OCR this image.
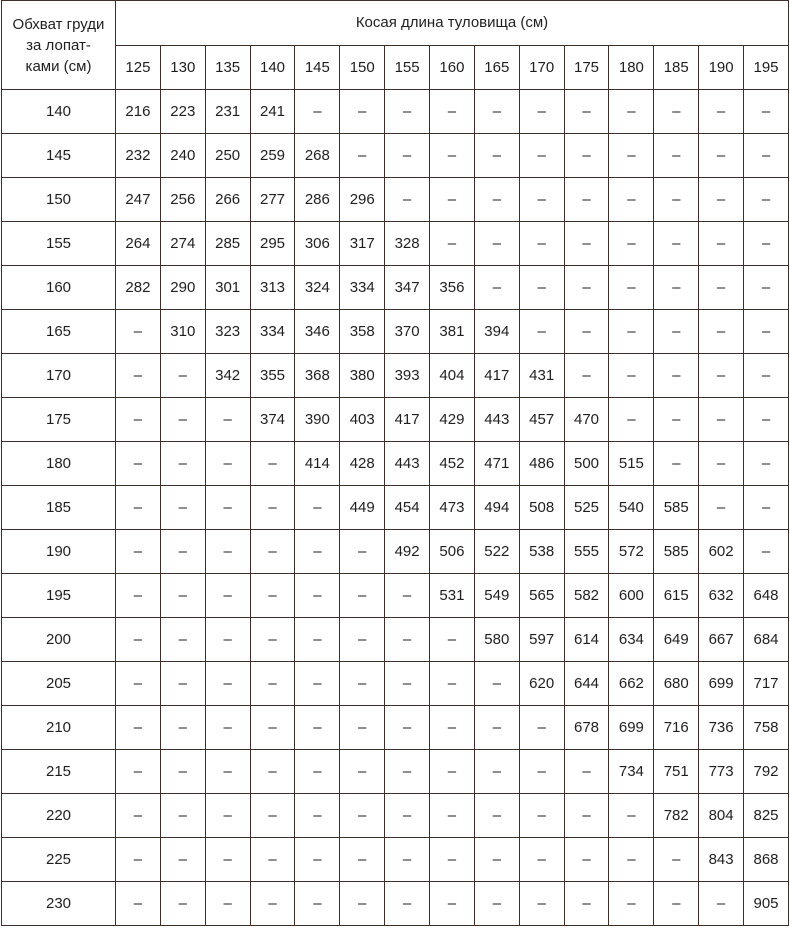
Обхват груди
за лопат-
ками (см)	Косая длина туловища (см)														
	125	130	135	140	145	150	155	160	165	170	175	180	185	190	195
140	216	223	231	241	–	–	–	–	–	–	–	–	–	–	–
145	232	240	250	259	268	–	–	–	–	–	–	–	–	–	–
150	247	256	266	277	286	296	–	–	–	–	–	–	–	–	–
155	264	274	285	295	306	317	328	–	–	–	–	–	–	–	–
160	282	290	301	313	324	334	347	356	–	–	–	–	–	–	–
165	–	310	323	334	346	358	370	381	394	–	–	–	–	–	–
170	–	–	342	355	368	380	393	404	417	431	–	–	–	–	–
175	–	–	–	374	390	403	417	429	443	457	470	–	–	–	–
180	–	–	–	–	414	428	443	452	471	486	500	515	–	–	–
185	–	–	–	–	–	449	454	473	494	508	525	540	585	–	–
190	–	–	–	–	–	–	492	506	522	538	555	572	585	602	–
195	–	–	–	–	–	–	–	531	549	565	582	600	615	632	648
200	–	–	–	–	–	–	–	–	580	597	614	634	649	667	684
205	–	–	–	–	–	–	–	–	–	620	644	662	680	699	717
210	–	–	–	–	–	–	–	–	–	–	678	699	716	736	758
215	–	–	–	–	–	–	–	–	–	–	–	734	751	773	792
220	–	–	–	–	–	–	–	–	–	–	–	–	782	804	825
225	–	–	–	–	–	–	–	–	–	–	–	–	–	843	868
230	–	–	–	–	–	–	–	–	–	–	–	–	–	–	905
